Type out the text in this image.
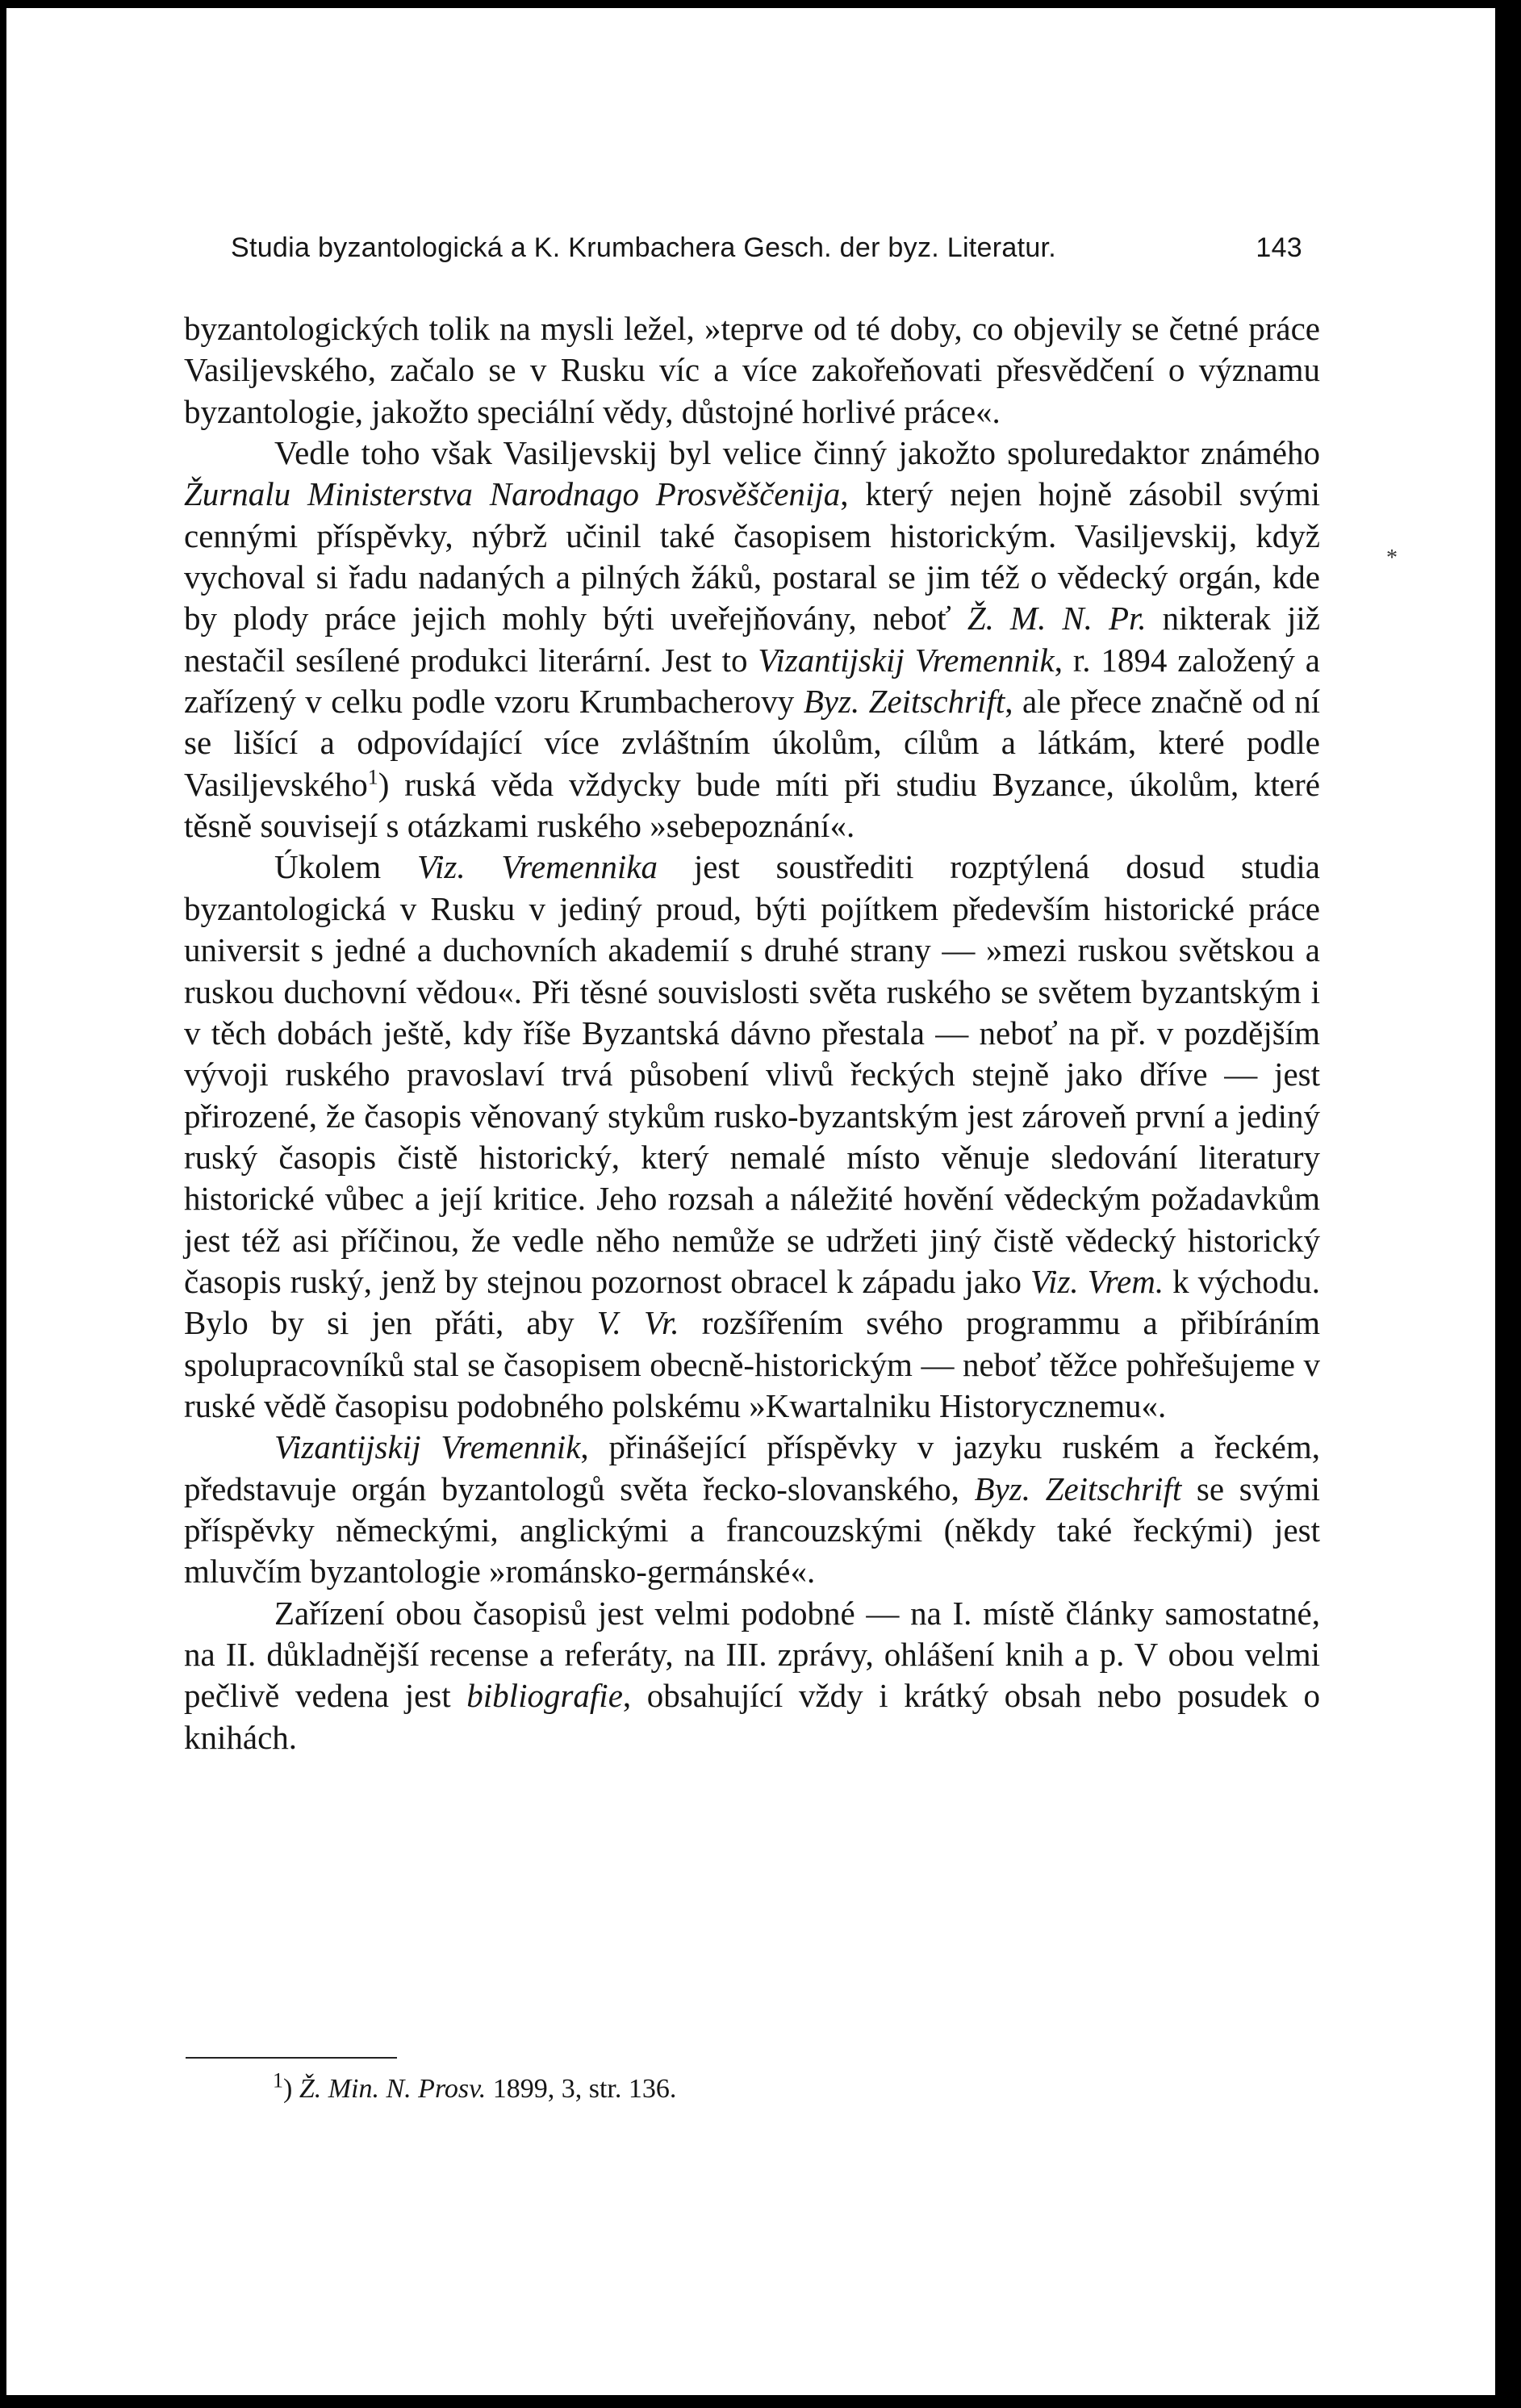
Studia byzantologická a K. Krumbachera Gesch. der byz. Literatur.	143
*

byzantologických tolik na mysli ležel, »teprve od té doby, co objevily se četné práce Vasiljevského, začalo se v Rusku víc a více zakořeňovati přesvědčení o významu byzantologie, jakožto speciální vědy, důstojné horlivé práce«.

Vedle toho však Vasiljevskij byl velice činný jakožto spoluredaktor známého Žurnalu Ministerstva Narodnago Prosvěščenija, který nejen hojně zásobil svými cennými příspěvky, nýbrž učinil také časopisem historickým. Vasiljevskij, když vychoval si řadu nadaných a pilných žáků, postaral se jim též o vědecký orgán, kde by plody práce jejich mohly býti uveřejňovány, neboť Ž. M. N. Pr. nikterak již nestačil sesílené produkci literární. Jest to Vizantijskij Vremennik, r. 1894 založený a zařízený v celku podle vzoru Krumbacherovy Byz. Zeitschrift, ale přece značně od ní se lišící a odpovídající více zvláštním úkolům, cílům a látkám, které podle Vasiljevského$^1$) ruská věda vždycky bude míti při studiu Byzance, úkolům, které těsně souvisejí s otázkami ruského »sebepoznání«.

Úkolem Viz. Vremennika jest soustřediti rozptýlená dosud studia byzantologická v Rusku v jediný proud, býti pojítkem především historické práce universit s jedné a duchovních akademií s druhé strany — »mezi ruskou světskou a ruskou duchovní vědou«. Při těsné souvislosti světa ruského se světem byzantským i v těch dobách ještě, kdy říše Byzantská dávno přestala — neboť na př. v pozdějším vývoji ruského pravoslaví trvá působení vlivů řeckých stejně jako dříve — jest přirozené, že časopis věnovaný stykům rusko-byzantským jest zároveň první a jediný ruský časopis čistě historický, který nemalé místo věnuje sledování literatury historické vůbec a její kritice. Jeho rozsah a náležité hovění vědeckým požadavkům jest též asi příčinou, že vedle něho nemůže se udržeti jiný čistě vědecký historický časopis ruský, jenž by stejnou pozornost obracel k západu jako Viz. Vrem. k východu. Bylo by si jen přáti, aby V. Vr. rozšířením svého programmu a přibíráním spolupracovníků stal se časopisem obecně-historickým — neboť těžce pohřešujeme v ruské vědě časopisu podobného polskému »Kwartalniku Historycznemu«.

Vizantijskij Vremennik, přinášející příspěvky v jazyku ruském a řeckém, představuje orgán byzantologů světa řecko-slovanského, Byz. Zeitschrift se svými příspěvky německými, anglickými a francouzskými (někdy také řeckými) jest mluvčím byzantologie »románsko-germánské«.

Zařízení obou časopisů jest velmi podobné — na I. místě články samostatné, na II. důkladnější recense a referáty, na III. zprávy, ohlášení knih a p. V obou velmi pečlivě vedena jest bibliografie, obsahující vždy i krátký obsah nebo posudek o knihách.

$^1$) Ž. Min. N. Prosv. 1899, 3, str. 136.
